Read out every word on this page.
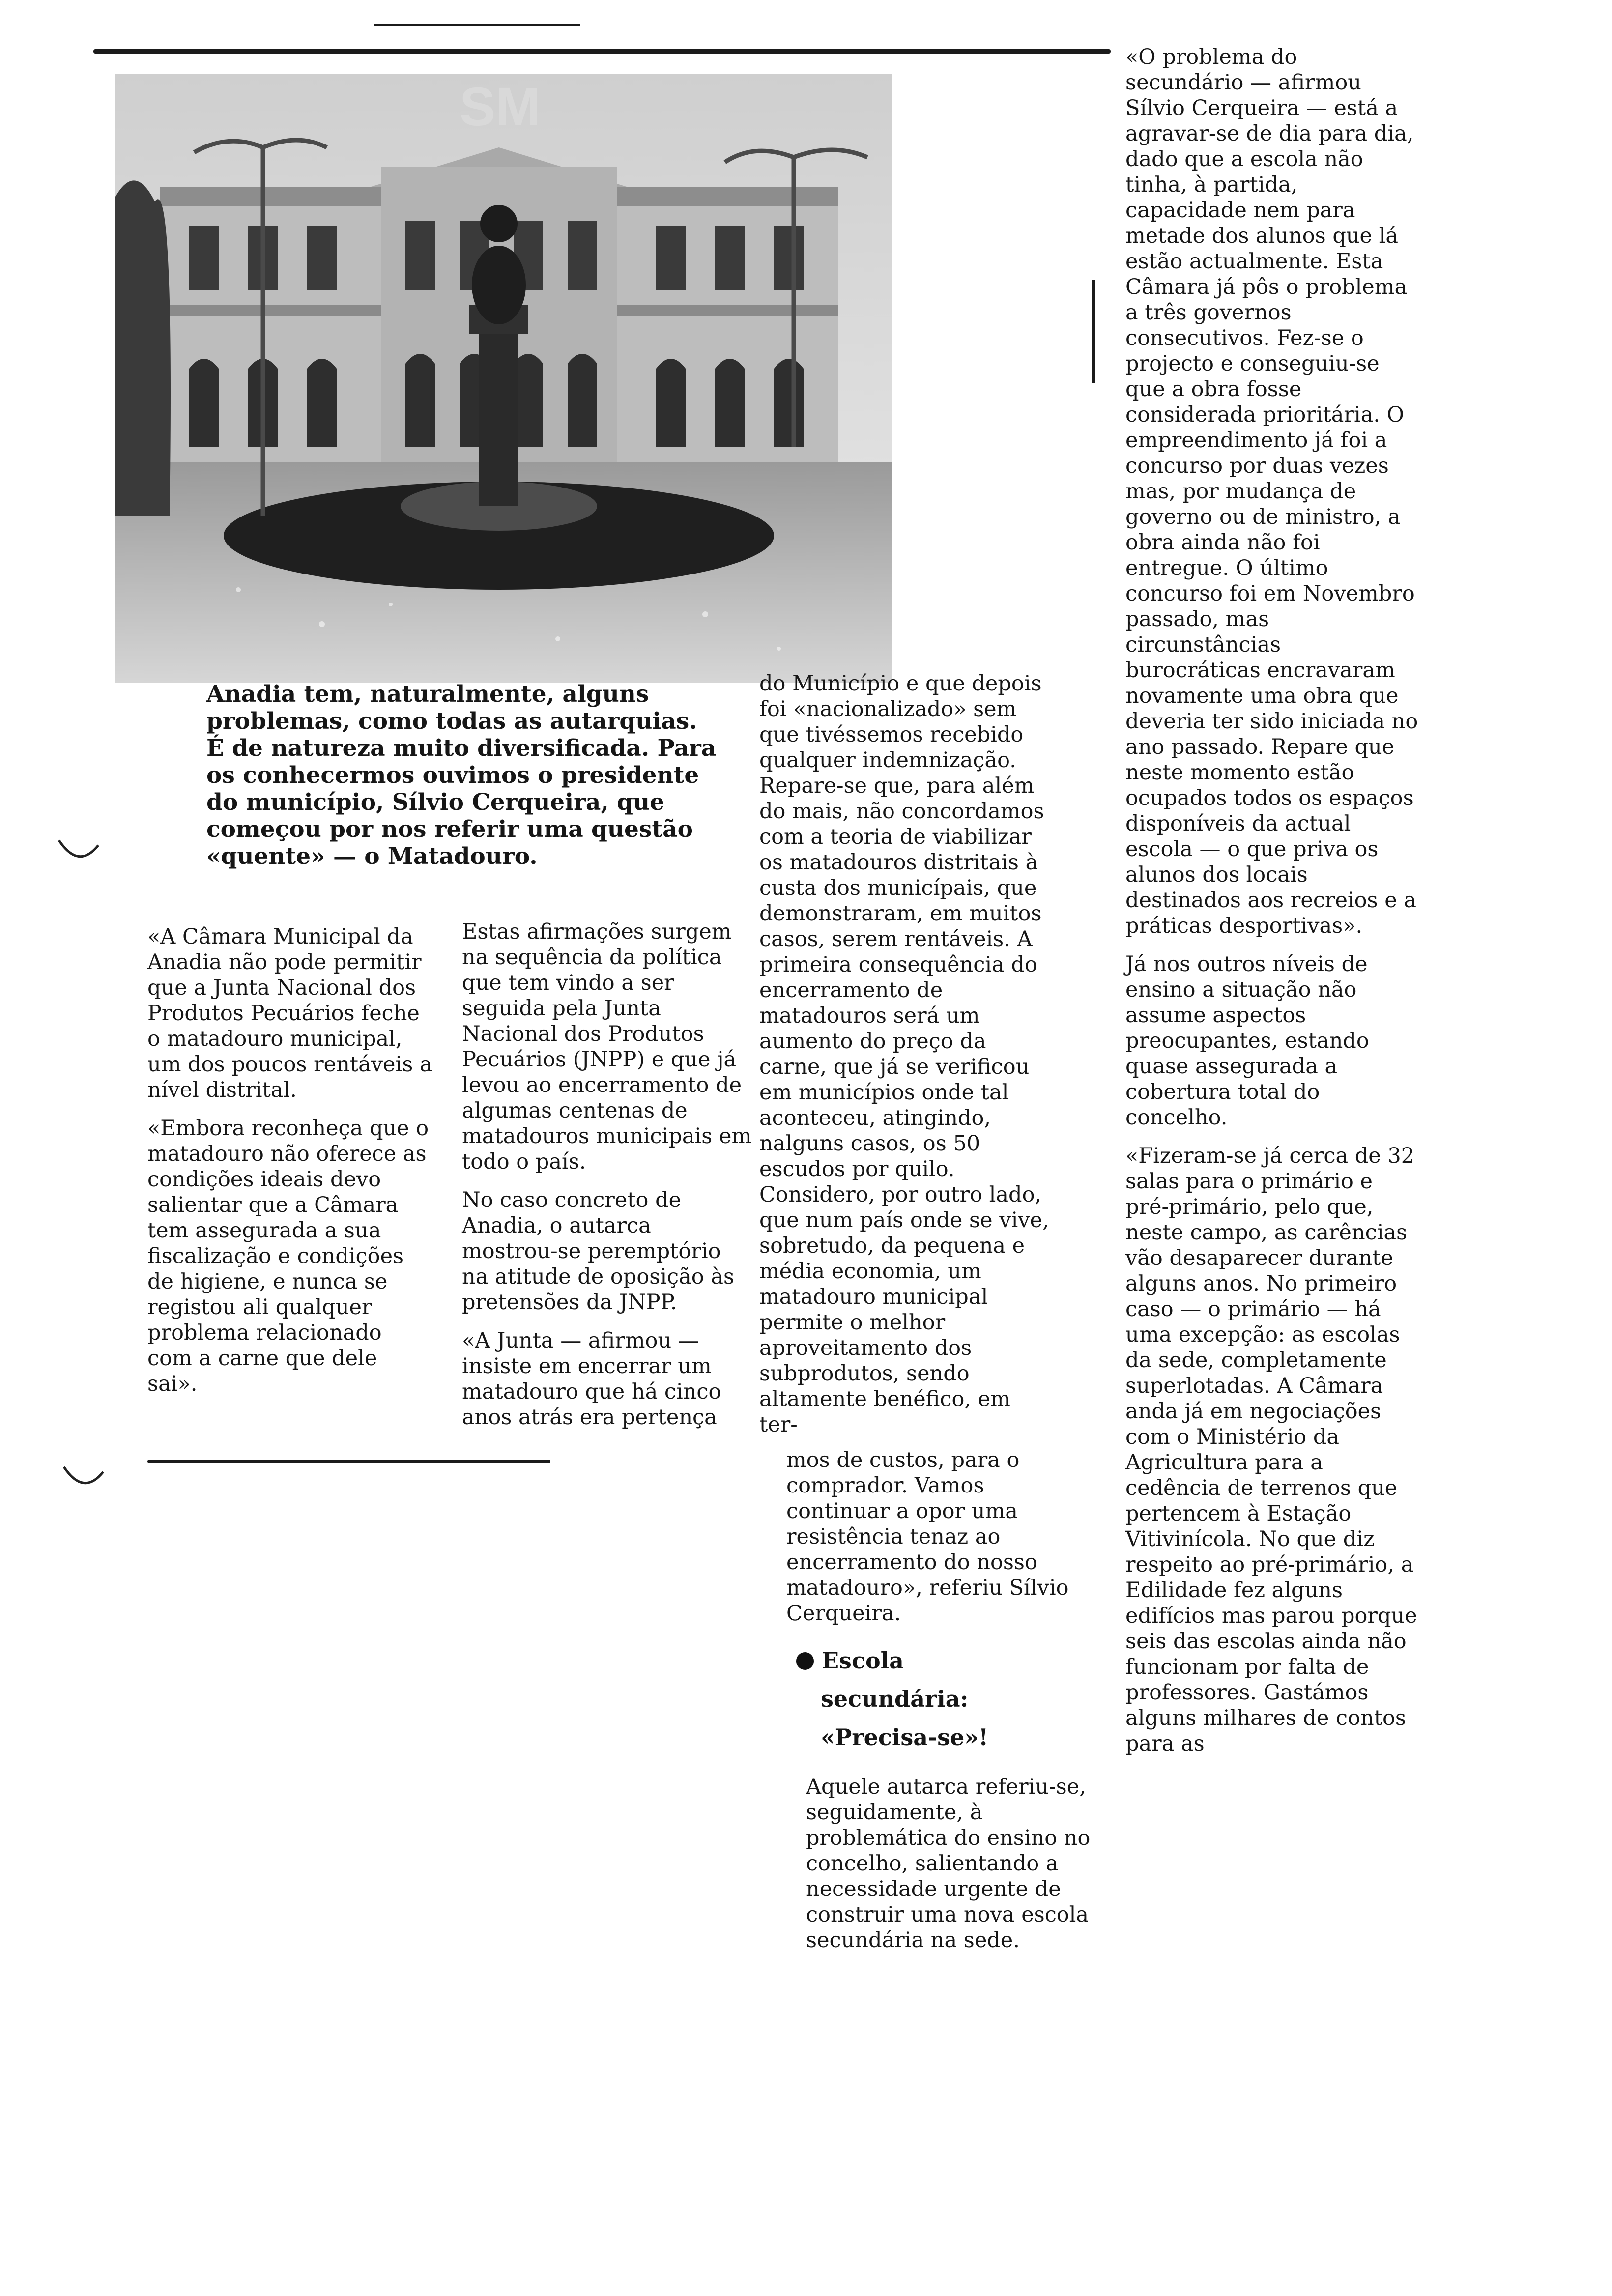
SM

Anadia tem, naturalmente, alguns problemas, como todas as autarquias. É de natureza muito diversificada. Para os conhecermos ouvimos o presidente do município, Sílvio Cerqueira, que começou por nos referir uma questão «quente» — o Matadouro.

«A Câmara Municipal da Anadia não pode permitir que a Junta Nacional dos Produtos Pecuários feche o matadouro municipal, um dos poucos rentáveis a nível distrital.

«Embora reconheça que o matadouro não oferece as condições ideais devo salientar que a Câmara tem assegurada a sua fiscalização e condições de higiene, e nunca se registou ali qualquer problema relacionado com a carne que dele sai».

Estas afirmações surgem na sequência da política que tem vindo a ser seguida pela Junta Nacional dos Produtos Pecuários (JNPP) e que já levou ao encerramento de algumas centenas de matadouros municipais em todo o país.

No caso concreto de Anadia, o autarca mostrou-se peremptório na atitude de oposição às pretensões da JNPP.

«A Junta — afirmou — insiste em encerrar um matadouro que há cinco anos atrás era pertença

do Município e que depois foi «nacionalizado» sem que tivéssemos recebido qualquer indemnização. Repare-se que, para além do mais, não concordamos com a teoria de viabilizar os matadouros distritais à custa dos municípais, que demonstraram, em muitos casos, serem rentáveis. A primeira consequência do encerramento de matadouros será um aumento do preço da carne, que já se verificou em municípios onde tal aconteceu, atingindo, nalguns casos, os 50 escudos por quilo. Considero, por outro lado, que num país onde se vive, sobretudo, da pequena e média economia, um matadouro municipal permite o melhor aproveitamento dos subprodutos, sendo altamente benéfico, em ter-

mos de custos, para o comprador. Vamos continuar a opor uma resistência tenaz ao encerramento do nosso matadouro», referiu Sílvio Cerqueira.

Escola
secundária:
«Precisa-se»!

Aquele autarca referiu-se, seguidamente, à problemática do ensino no concelho, salientando a necessidade urgente de construir uma nova escola secundária na sede.

«O problema do secundário — afirmou Sílvio Cerqueira — está a agravar-se de dia para dia, dado que a escola não tinha, à partida, capacidade nem para metade dos alunos que lá estão actualmente. Esta Câmara já pôs o problema a três governos consecutivos. Fez-se o projecto e conseguiu-se que a obra fosse considerada prioritária. O empreendimento já foi a concurso por duas vezes mas, por mudança de governo ou de ministro, a obra ainda não foi entregue. O último concurso foi em Novembro passado, mas circunstâncias burocráticas encravaram novamente uma obra que deveria ter sido iniciada no ano passado. Repare que neste momento estão ocupados todos os espaços disponíveis da actual escola — o que priva os alunos dos locais destinados aos recreios e a práticas desportivas».

Já nos outros níveis de ensino a situação não assume aspectos preocupantes, estando quase assegurada a cobertura total do concelho.

«Fizeram-se já cerca de 32 salas para o primário e pré-primário, pelo que, neste campo, as carências vão desaparecer durante alguns anos. No primeiro caso — o primário — há uma excepção: as escolas da sede, completamente superlotadas. A Câmara anda já em negociações com o Ministério da Agricultura para a cedência de terrenos que pertencem à Estação Vitivinícola. No que diz respeito ao pré-primário, a Edilidade fez alguns edifícios mas parou porque seis das escolas ainda não funcionam por falta de professores. Gastámos alguns milhares de contos para as
